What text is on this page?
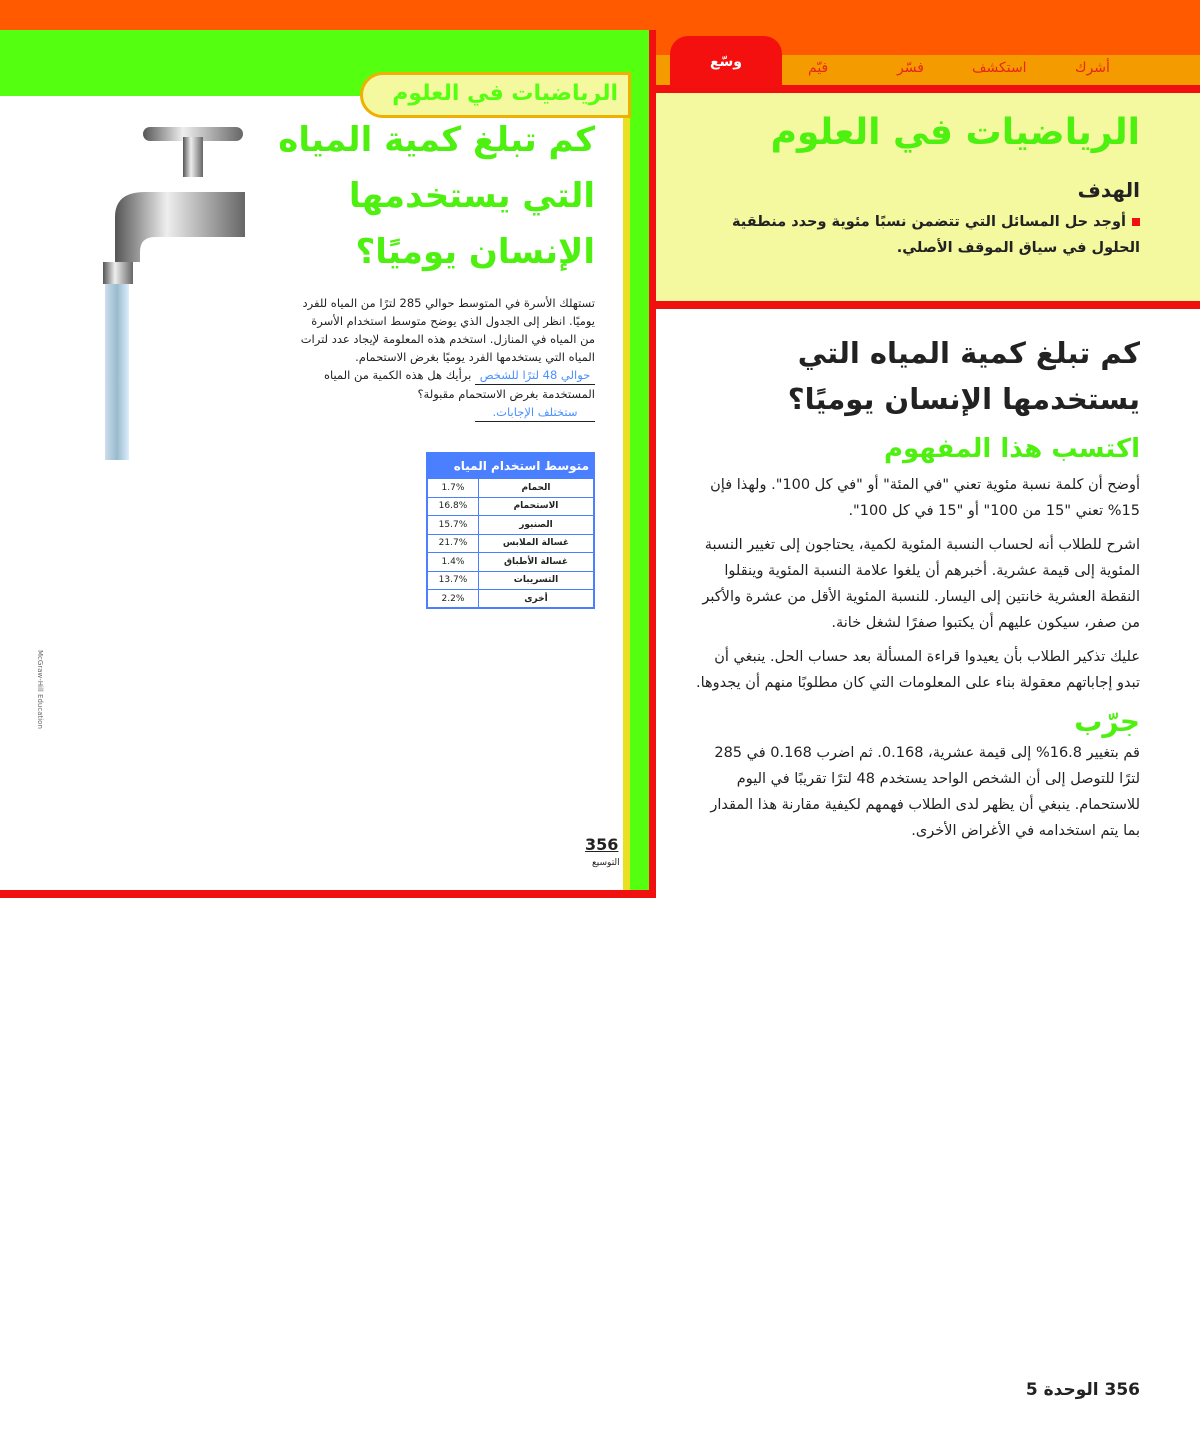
أشرك
استكشف
فسّر
فيّم
وسّع
الرياضيات في العلوم
كم تبلغ كمية المياه التي يستخدمها الإنسان يوميًا؟
تستهلك الأسرة في المتوسط حوالي 285 لترًا من المياه للفرد يوميًا. انظر إلى الجدول الذي يوضح متوسط استخدام الأسرة من المياه في المنازل. استخدم هذه المعلومة لإيجاد عدد لترات المياه التي يستخدمها الفرد يوميًا بغرض الاستحمام. حوالي 48 لترًا للشخص برأيك هل هذه الكمية من المياه المستخدمة بغرض الاستحمام مقبولة؟ ستختلف الإجابات.
متوسط استخدام المياه	
الحمام	1.7%
الاستحمام	16.8%
الصنبور	15.7%
غسالة الملابس	21.7%
غسالة الأطباق	1.4%
التسريبات	13.7%
أخرى	2.2%
McGraw-Hill Education
356
التوسيع
الرياضيات في العلوم
الهدف
أوجد حل المسائل التي تتضمن نسبًا مئوية وحدد منطقية الحلول في سياق الموقف الأصلي.
كم تبلغ كمية المياه التي يستخدمها الإنسان يوميًا؟
اكتسب هذا المفهوم

أوضح أن كلمة نسبة مئوية تعني "في المئة" أو "في كل 100". ولهذا فإن 15% تعني "15 من 100" أو "15 في كل 100".

اشرح للطلاب أنه لحساب النسبة المئوية لكمية، يحتاجون إلى تغيير النسبة المئوية إلى قيمة عشرية. أخبرهم أن يلغوا علامة النسبة المئوية وينقلوا النقطة العشرية خانتين إلى اليسار. للنسبة المئوية الأقل من عشرة والأكبر من صفر، سيكون عليهم أن يكتبوا صفرًا لشغل خانة.

عليك تذكير الطلاب بأن يعيدوا قراءة المسألة بعد حساب الحل. ينبغي أن تبدو إجاباتهم معقولة بناء على المعلومات التي كان مطلوبًا منهم أن يجدوها.

جرّب
قم بتغيير 16.8% إلى قيمة عشرية، 0.168. ثم اضرب 0.168 في 285 لترًا للتوصل إلى أن الشخص الواحد يستخدم 48 لترًا تقريبًا في اليوم للاستحمام. ينبغي أن يظهر لدى الطلاب فهمهم لكيفية مقارنة هذا المقدار بما يتم استخدامه في الأغراض الأخرى.
356 الوحدة 5
